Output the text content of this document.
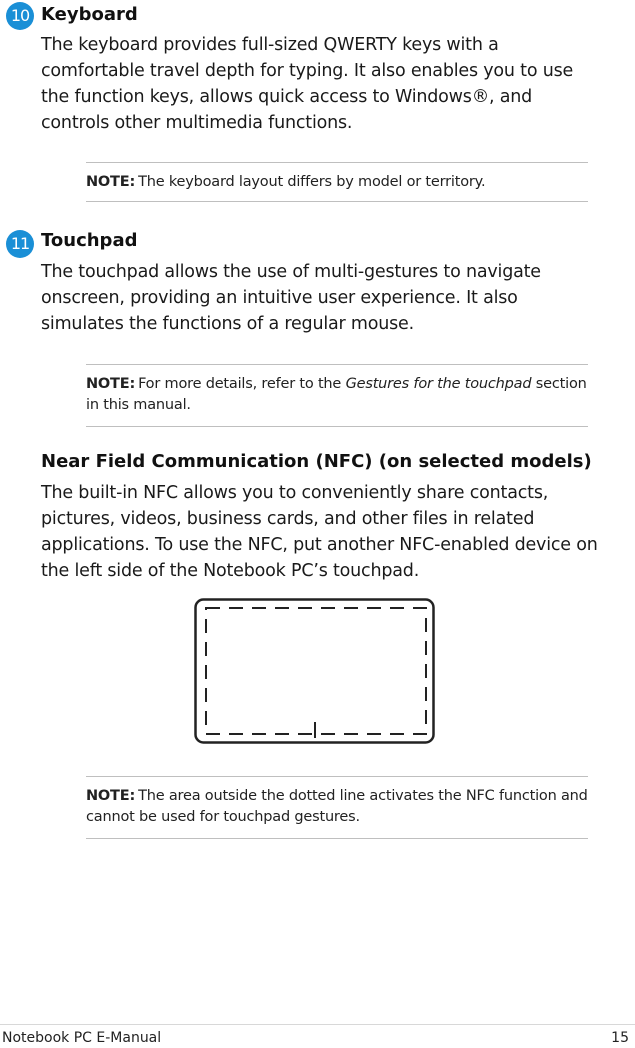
10 Keyboard
The keyboard provides full-sized QWERTY keys with a comfortable travel depth for typing. It also enables you to use the function keys, allows quick access to Windows®, and controls other multimedia functions.
NOTE: The keyboard layout differs by model or territory.
11 Touchpad
The touchpad allows the use of multi-gestures to navigate onscreen, providing an intuitive user experience. It also simulates the functions of a regular mouse.
NOTE: For more details, refer to the Gestures for the touchpad section in this manual.
Near Field Communication (NFC) (on selected models)
The built-in NFC allows you to conveniently share contacts, pictures, videos, business cards, and other files in related applications. To use the NFC, put another NFC-enabled device on the left side of the Notebook PC’s touchpad.
NOTE: The area outside the dotted line activates the NFC function and cannot be used for touchpad gestures.
Notebook PC E-Manual	15
